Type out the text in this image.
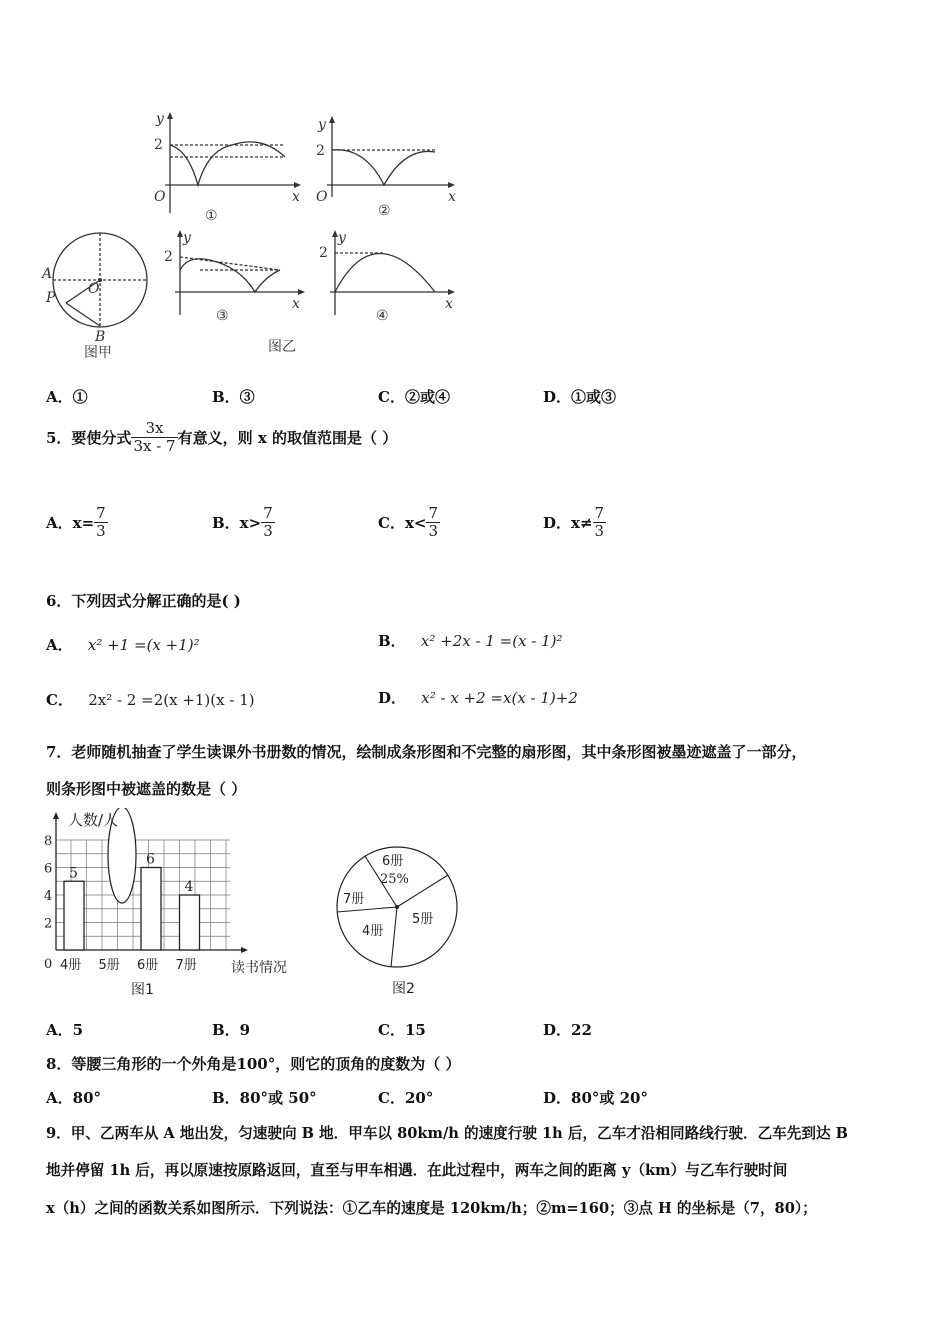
y
2
O	x
①
y
2
O	x
②
y
2
x
③
y
2
x
④
A
P
O
B
图甲	图乙
A．①	B．③	C．②或④	D．①或③
5．要使分式 $\frac{3x}{3x - 7}$ 有意义，则 x 的取值范围是（ ）
A．$x= \frac{7}{3}$	B．$x> \frac{7}{3}$	C．$x< \frac{7}{3}$	D．$x\ne \frac{7}{3}$
6．下列因式分解正确的是( )
A． x² +1 =(x +1)²	B． x² +2x - 1 =(x - 1)²
C． 2x² - 2 =2(x +1)(x - 1)	D． x² - x +2 =x(x - 1)+2
7．老师随机抽查了学生读课外书册数的情况，绘制成条形图和不完整的扇形图，其中条形图被墨迹遮盖了一部分，
则条形图中被遮盖的数是（ ）
2
4
6
8
5
4册 5册
6
6册
4
7册
人数/人
读书情况
0
图1
6册
25%
5册
4册
7册
图2
A．5	B．9	C．15	D．22
8．等腰三角形的一个外角是100°，则它的顶角的度数为（ ）
A．80°	B．80°或 50°	C．20°	D．80°或 20°
9．甲、乙两车从 A 地出发，匀速驶向 B 地．甲车以 80km/h 的速度行驶 1h 后，乙车才沿相同路线行驶．乙车先到达 B
地并停留 1h 后，再以原速按原路返回，直至与甲车相遇．在此过程中，两车之间的距离 y（km）与乙车行驶时间
x（h）之间的函数关系如图所示．下列说法：①乙车的速度是 120km/h；②m=160；③点 H 的坐标是（7，80）；
